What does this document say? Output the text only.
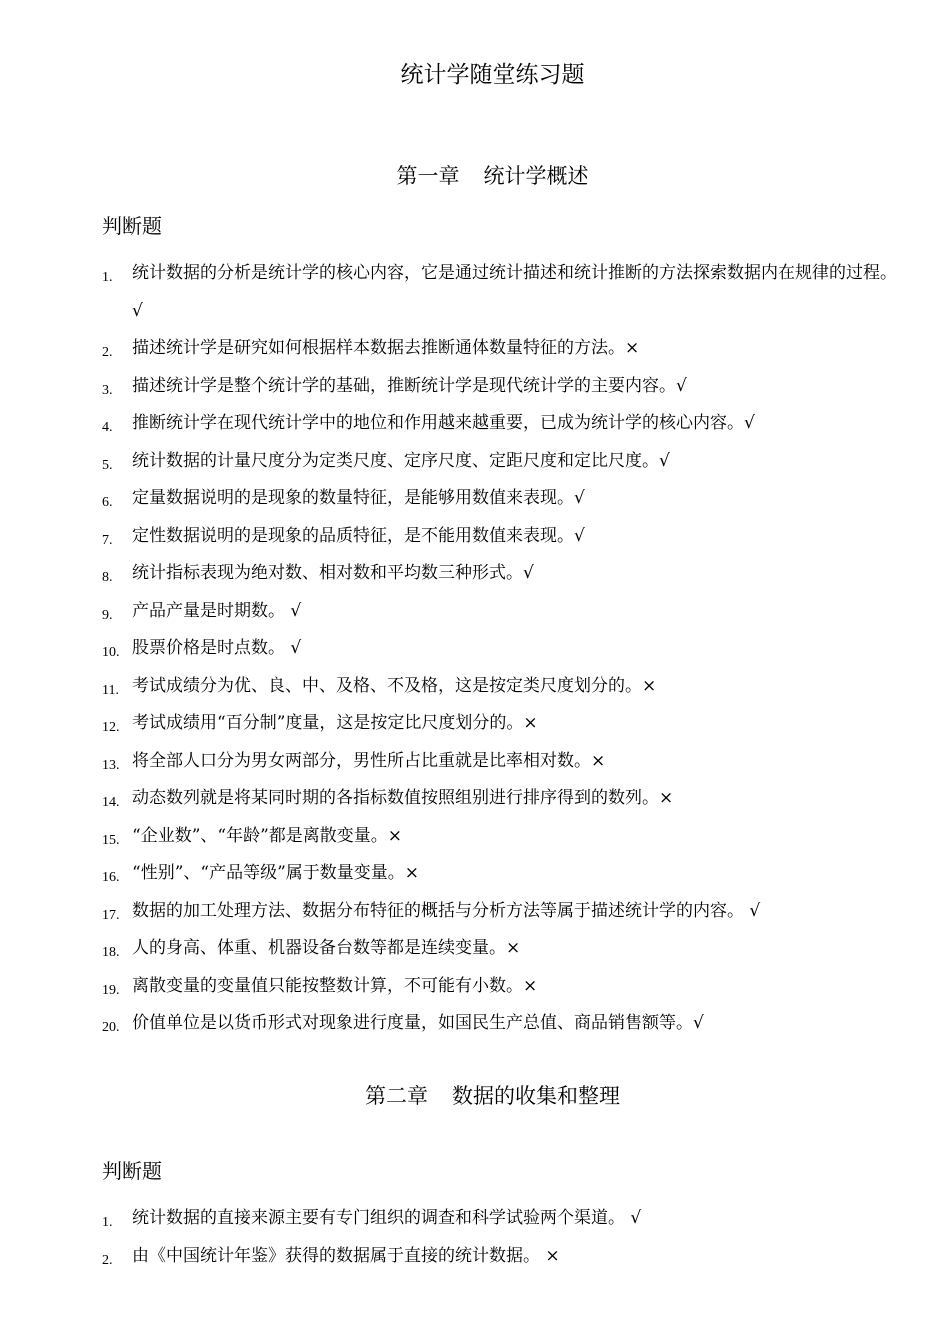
统计学随堂练习题
第一章 统计学概述
判断题
1. 统计数据的分析是统计学的核心内容，它是通过统计描述和统计推断的方法探索数据内在规律的过程。 √
2. 描述统计学是研究如何根据样本数据去推断通体数量特征的方法。×
3. 描述统计学是整个统计学的基础，推断统计学是现代统计学的主要内容。√
4. 推断统计学在现代统计学中的地位和作用越来越重要，已成为统计学的核心内容。√
5. 统计数据的计量尺度分为定类尺度、定序尺度、定距尺度和定比尺度。√
6. 定量数据说明的是现象的数量特征，是能够用数值来表现。√
7. 定性数据说明的是现象的品质特征，是不能用数值来表现。√
8. 统计指标表现为绝对数、相对数和平均数三种形式。√
9. 产品产量是时期数。 √
10. 股票价格是时点数。 √
11. 考试成绩分为优、良、中、及格、不及格，这是按定类尺度划分的。×
12. 考试成绩用“百分制”度量，这是按定比尺度划分的。×
13. 将全部人口分为男女两部分，男性所占比重就是比率相对数。×
14. 动态数列就是将某同时期的各指标数值按照组别进行排序得到的数列。×
15. “企业数”、“年龄”都是离散变量。×
16. “性别”、“产品等级”属于数量变量。×
17. 数据的加工处理方法、数据分布特征的概括与分析方法等属于描述统计学的内容。 √
18. 人的身高、体重、机器设备台数等都是连续变量。×
19. 离散变量的变量值只能按整数计算，不可能有小数。×
20. 价值单位是以货币形式对现象进行度量，如国民生产总值、商品销售额等。√
第二章 数据的收集和整理
判断题
1. 统计数据的直接来源主要有专门组织的调查和科学试验两个渠道。 √
2. 由《中国统计年鉴》获得的数据属于直接的统计数据。 ×
